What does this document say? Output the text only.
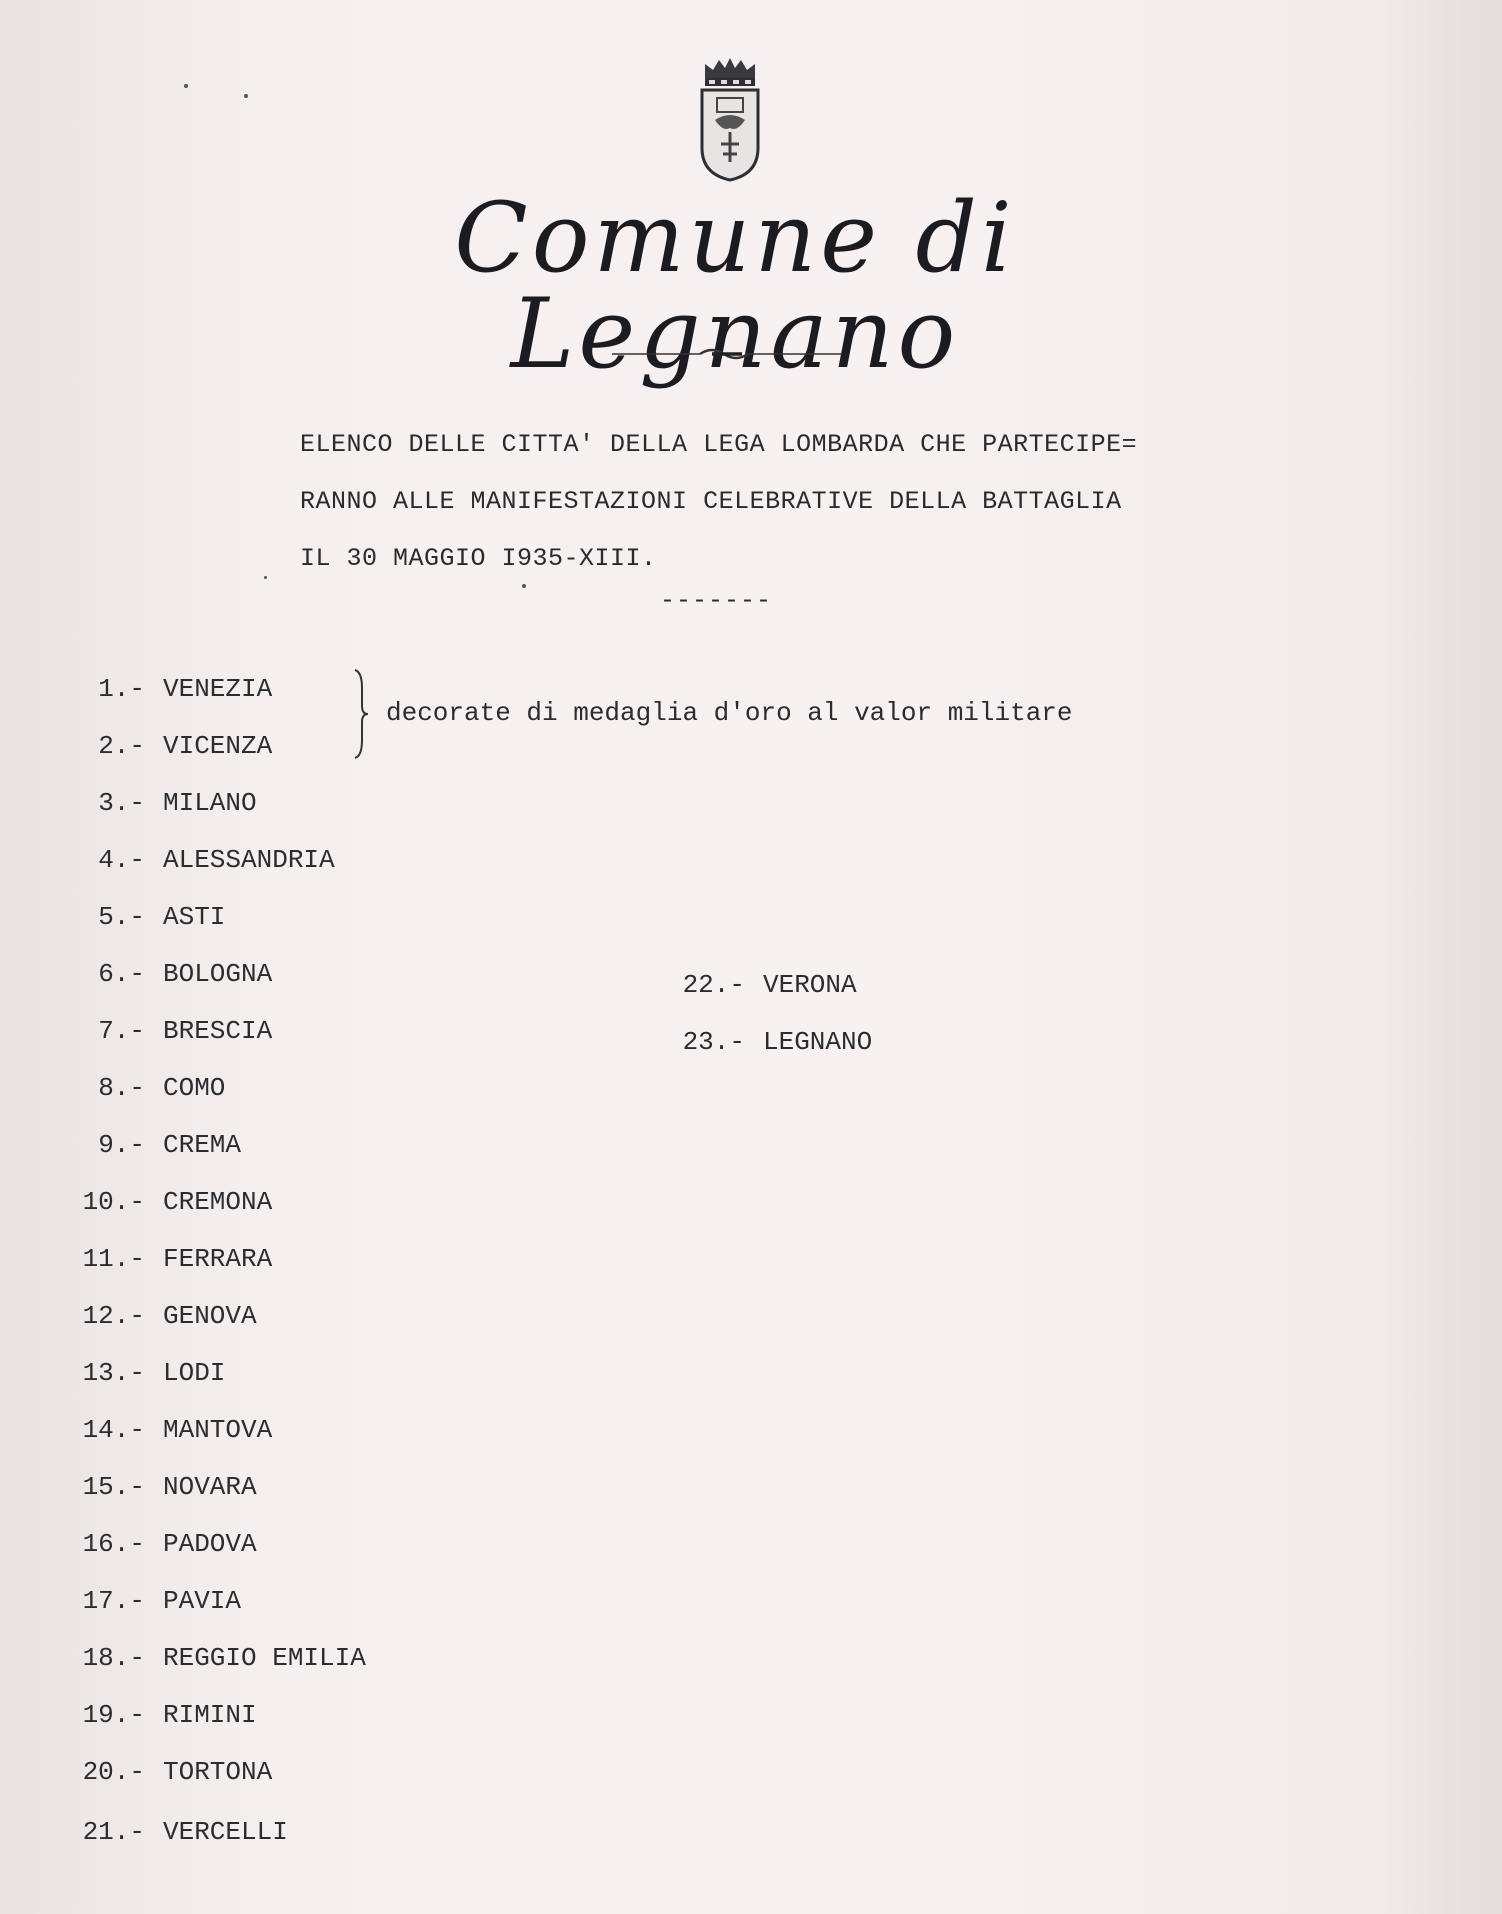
Comune di Legnano
ELENCO DELLE CITTA' DELLA LEGA LOMBARDA CHE PARTECIPE=
RANNO ALLE MANIFESTAZIONI CELEBRATIVE DELLA BATTAGLIA
IL 30 MAGGIO I935-XIII.
-------
1.- VENEZIA
2.- VICENZA
3.- MILANO
4.- ALESSANDRIA
5.- ASTI
6.- BOLOGNA
7.- BRESCIA
8.- COMO
9.- CREMA
10.- CREMONA
11.- FERRARA
12.- GENOVA
13.- LODI
14.- MANTOVA
15.- NOVARA
16.- PADOVA
17.- PAVIA
18.- REGGIO EMILIA
19.- RIMINI
20.- TORTONA
21.- VERCELLI
22.- VERONA
23.- LEGNANO
decorate di medaglia d'oro al valor militare
